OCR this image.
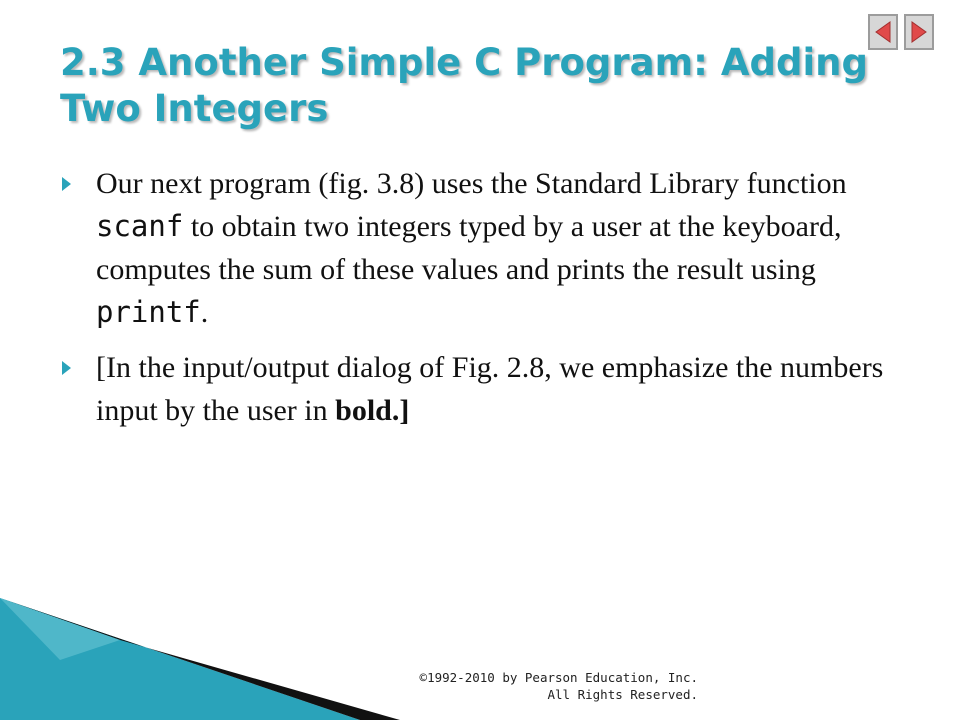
2.3 Another Simple C Program: Adding Two Integers
Our next program (fig. 3.8) uses the Standard Library function scanf to obtain two integers typed by a user at the keyboard, computes the sum of these values and prints the result using printf.
[In the input/output dialog of Fig. 2.8, we emphasize the numbers input by the user in bold.]
©1992-2010 by Pearson Education, Inc.
All Rights Reserved.
